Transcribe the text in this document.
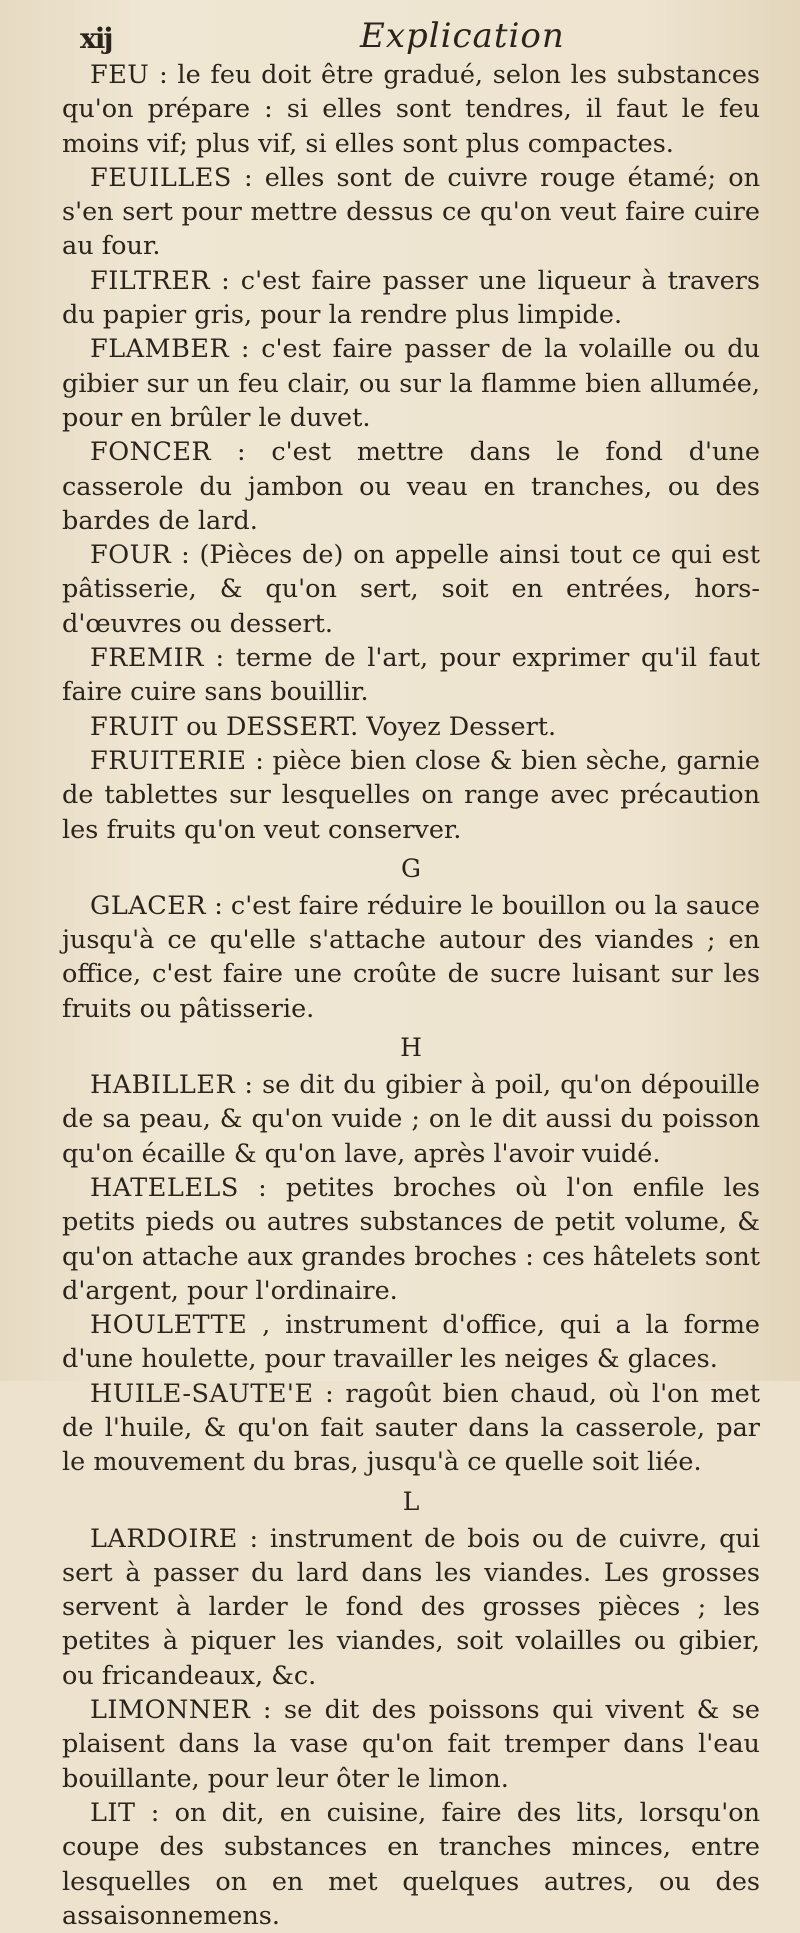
xij	Explication

FEU : le feu doit être gradué, selon les substances qu'on prépare : si elles sont tendres, il faut le feu moins vif; plus vif, si elles sont plus compactes.

FEUILLES : elles sont de cuivre rouge étamé; on s'en sert pour mettre dessus ce qu'on veut faire cuire au four.

FILTRER : c'est faire passer une liqueur à travers du papier gris, pour la rendre plus limpide.

FLAMBER : c'est faire passer de la volaille ou du gibier sur un feu clair, ou sur la flamme bien allumée, pour en brûler le duvet.

FONCER : c'est mettre dans le fond d'une casserole du jambon ou veau en tranches, ou des bardes de lard.

FOUR : (Pièces de) on appelle ainsi tout ce qui est pâtisserie, & qu'on sert, soit en entrées, hors-d'œuvres ou dessert.

FREMIR : terme de l'art, pour exprimer qu'il faut faire cuire sans bouillir.

FRUIT ou DESSERT. Voyez Dessert.

FRUITERIE : pièce bien close & bien sèche, garnie de tablettes sur lesquelles on range avec précaution les fruits qu'on veut conserver.

G

GLACER : c'est faire réduire le bouillon ou la sauce jusqu'à ce qu'elle s'attache autour des viandes ; en office, c'est faire une croûte de sucre luisant sur les fruits ou pâtisserie.

H

HABILLER : se dit du gibier à poil, qu'on dépouille de sa peau, & qu'on vuide ; on le dit aussi du poisson qu'on écaille & qu'on lave, après l'avoir vuidé.

HATELELS : petites broches où l'on enfile les petits pieds ou autres substances de petit volume, & qu'on attache aux grandes broches : ces hâtelets sont d'argent, pour l'ordinaire.

HOULETTE , instrument d'office, qui a la forme d'une houlette, pour travailler les neiges & glaces.

HUILE-SAUTE'E : ragoût bien chaud, où l'on met de l'huile, & qu'on fait sauter dans la casserole, par le mouvement du bras, jusqu'à ce quelle soit liée.

L

LARDOIRE : instrument de bois ou de cuivre, qui sert à passer du lard dans les viandes. Les grosses servent à larder le fond des grosses pièces ; les petites à piquer les viandes, soit volailles ou gibier, ou fricandeaux, &c.

LIMONNER : se dit des poissons qui vivent & se plaisent dans la vase qu'on fait tremper dans l'eau bouillante, pour leur ôter le limon.

LIT : on dit, en cuisine, faire des lits, lorsqu'on coupe des substances en tranches minces, entre lesquelles on en met quelques autres, ou des assaisonnemens.
